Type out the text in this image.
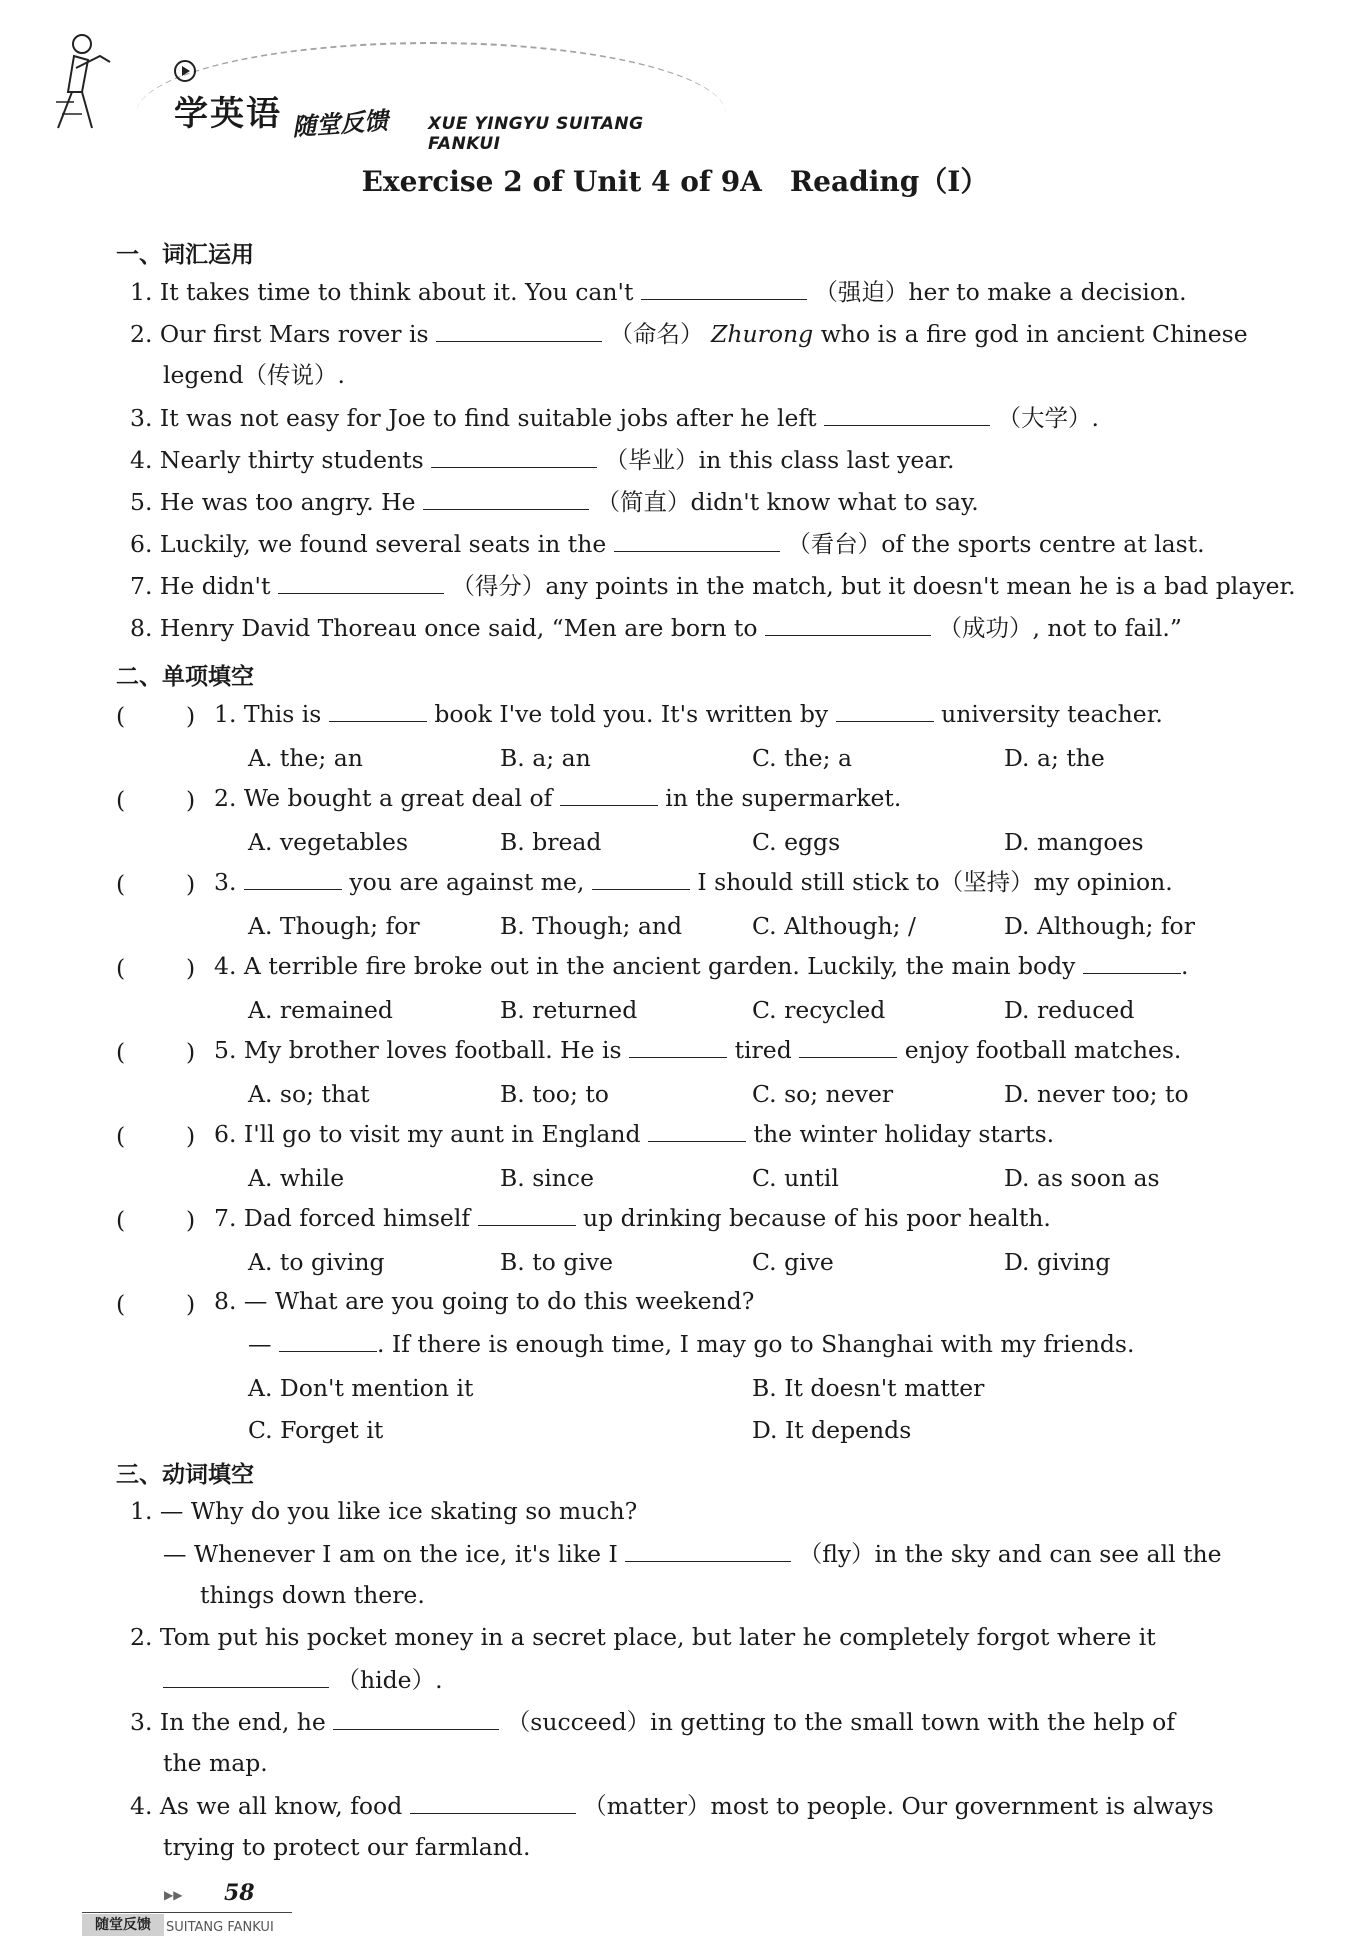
学英语 随堂反馈 XUE YINGYU SUITANG FANKUI
Exercise 2 of Unit 4 of 9A　Reading（Ⅰ）
一、词汇运用
1. It takes time to think about it. You can't	（强迫）her to make a decision.
2. Our first Mars rover is	（命名） Zhurong who is a fire god in ancient Chinese
legend（传说）.
3. It was not easy for Joe to find suitable jobs after he left	（大学）.
4. Nearly thirty students	（毕业）in this class last year.
5. He was too angry. He	（简直）didn't know what to say.
6. Luckily, we found several seats in the	（看台）of the sports centre at last.
7. He didn't	（得分）any points in the match, but it doesn't mean he is a bad player.
8. Henry David Thoreau once said, “Men are born to	（成功）, not to fail.”
二、单项填空
(	) 1. This is	book I've told you. It's written by	university teacher.
A. the; an	B. a; an	C. the; a	D. a; the
(	) 2. We bought a great deal of	in the supermarket.
A. vegetables	B. bread	C. eggs	D. mangoes
(	) 3.	you are against me,	I should still stick to（坚持）my opinion.
A. Though; for	B. Though; and	C. Although; /	D. Although; for
(	) 4. A terrible fire broke out in the ancient garden. Luckily, the main body	.
A. remained	B. returned	C. recycled	D. reduced
(	) 5. My brother loves football. He is	tired	enjoy football matches.
A. so; that	B. too; to	C. so; never	D. never too; to
(	) 6. I'll go to visit my aunt in England	the winter holiday starts.
A. while	B. since	C. until	D. as soon as
(	) 7. Dad forced himself	up drinking because of his poor health.
A. to giving	B. to give	C. give	D. giving
(	) 8. — What are you going to do this weekend?
—	. If there is enough time, I may go to Shanghai with my friends.
A. Don't mention it	B. It doesn't matter
C. Forget it	D. It depends
三、动词填空
1. — Why do you like ice skating so much?
— Whenever I am on the ice, it's like I	（fly）in the sky and can see all the
things down there.
2. Tom put his pocket money in a secret place, but later he completely forgot where it
（hide）.
3. In the end, he	（succeed）in getting to the small town with the help of
the map.
4. As we all know, food	（matter）most to people. Our government is always
trying to protect our farmland.
▶▶ 58
随堂反馈	SUITANG FANKUI
